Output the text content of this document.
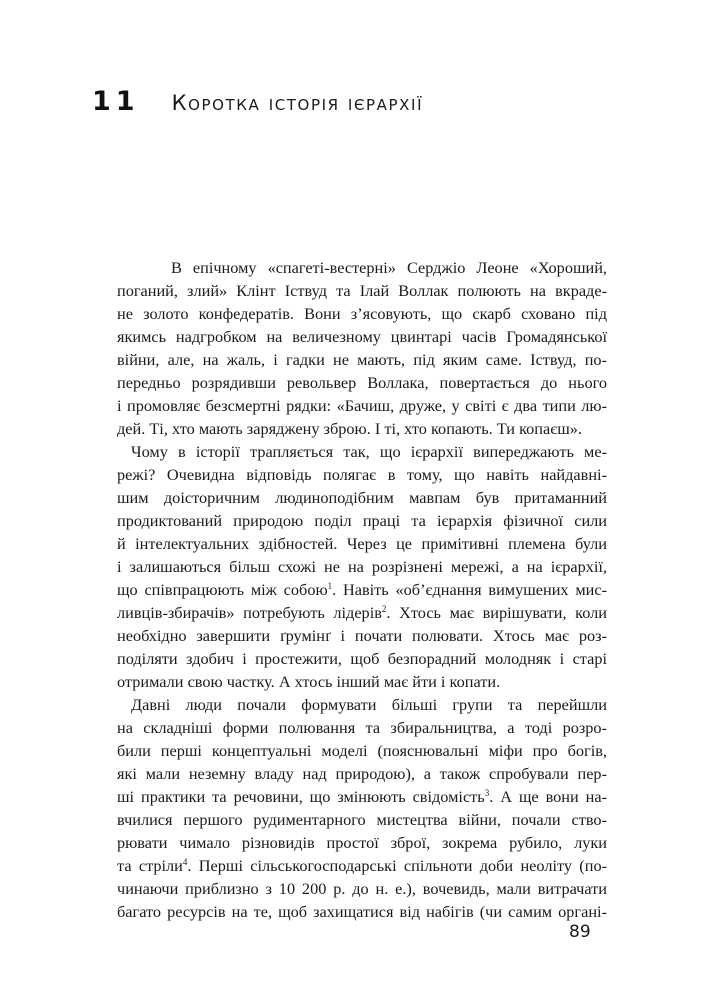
11 Коротка історія ієрархії
В епічному «спагеті-вестерні» Серджіо Леоне «Хороший,
поганий, злий» Клінт Іствуд та Ілай Воллак полюють на вкраде-
не золото конфедератів. Вони з’ясовують, що скарб сховано під
якимсь надгробком на величезному цвинтарі часів Громадянської
війни, але, на жаль, і гадки не мають, під яким саме. Іствуд, по-
передньо розрядивши револьвер Воллака, повертається до нього
і промовляє безсмертні рядки: «Бачиш, друже, у світі є два типи лю-
дей. Ті, хто мають заряджену зброю. І ті, хто копають. Ти копаєш».
Чому в історії трапляється так, що ієрархії випереджають ме-
режі? Очевидна відповідь полягає в тому, що навіть найдавні-
шим доісторичним людиноподібним мавпам був притаманний
продиктований природою поділ праці та ієрархія фізичної сили
й інтелектуальних здібностей. Через це примітивні племена були
і залишаються більш схожі не на розрізнені мережі, а на ієрархії,
що співпрацюють між собою$^1$. Навіть «об’єднання вимушених мис-
ливців-збирачів» потребують лідерів$^2$. Хтось має вирішувати, коли
необхідно завершити ґрумінґ і почати полювати. Хтось має роз-
поділяти здобич і простежити, щоб безпорадний молодняк і старі
отримали свою частку. А хтось інший має йти і копати.
Давні люди почали формувати більші групи та перейшли
на складніші форми полювання та збиральництва, а тоді розро-
били перші концептуальні моделі (пояснювальні міфи про богів,
які мали неземну владу над природою), а також спробували пер-
ші практики та речовини, що змінюють свідомість$^3$. А ще вони на-
вчилися першого рудиментарного мистецтва війни, почали ство-
рювати чимало різновидів простої зброї, зокрема рубило, луки
та стріли$^4$. Перші сільськогосподарські спільноти доби неоліту (по-
чинаючи приблизно з 10 200 р. до н. е.), вочевидь, мали витрачати
багато ресурсів на те, щоб захищатися від набігів (чи самим органі-
89
